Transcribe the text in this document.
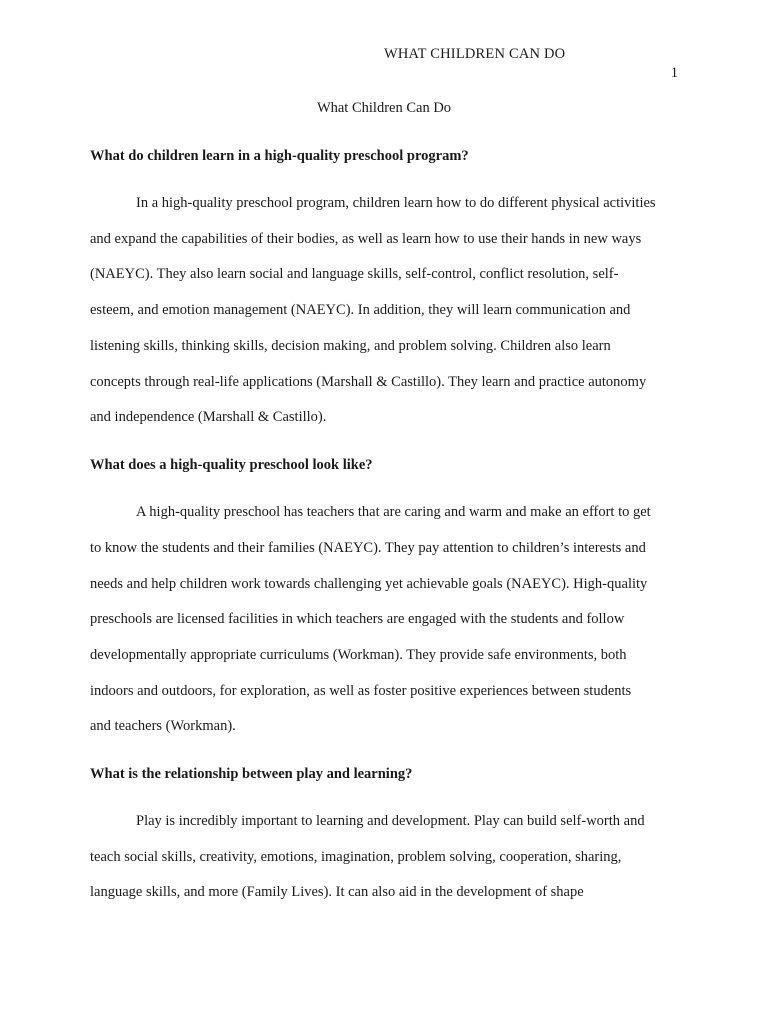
WHAT CHILDREN CAN DO
1
What Children Can Do
What do children learn in a high-quality preschool program?
In a high-quality preschool program, children learn how to do different physical activities
and expand the capabilities of their bodies, as well as learn how to use their hands in new ways
(NAEYC). They also learn social and language skills, self-control, conflict resolution, self-
esteem, and emotion management (NAEYC). In addition, they will learn communication and
listening skills, thinking skills, decision making, and problem solving. Children also learn
concepts through real-life applications (Marshall & Castillo). They learn and practice autonomy
and independence (Marshall & Castillo).
What does a high-quality preschool look like?
A high-quality preschool has teachers that are caring and warm and make an effort to get
to know the students and their families (NAEYC). They pay attention to children’s interests and
needs and help children work towards challenging yet achievable goals (NAEYC). High-quality
preschools are licensed facilities in which teachers are engaged with the students and follow
developmentally appropriate curriculums (Workman). They provide safe environments, both
indoors and outdoors, for exploration, as well as foster positive experiences between students
and teachers (Workman).
What is the relationship between play and learning?
Play is incredibly important to learning and development. Play can build self-worth and
teach social skills, creativity, emotions, imagination, problem solving, cooperation, sharing,
language skills, and more (Family Lives). It can also aid in the development of shape
